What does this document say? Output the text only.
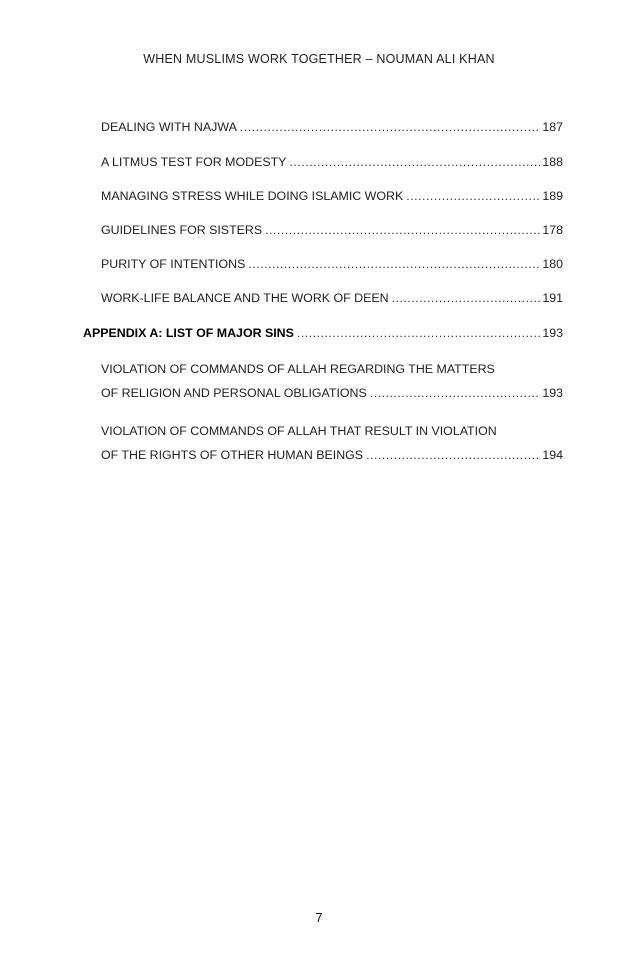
WHEN MUSLIMS WORK TOGETHER – NOUMAN ALI KHAN
DEALING WITH NAJWA .....	187
A LITMUS TEST FOR MODESTY .....	188
MANAGING STRESS WHILE DOING ISLAMIC WORK .....	189
GUIDELINES FOR SISTERS .....	178
PURITY OF INTENTIONS .....	180
WORK-LIFE BALANCE AND THE WORK OF DEEN .....	191
APPENDIX A: LIST OF MAJOR SINS .....	193
VIOLATION OF COMMANDS OF ALLAH REGARDING THE MATTERS
OF RELIGION AND PERSONAL OBLIGATIONS .....	193
VIOLATION OF COMMANDS OF ALLAH THAT RESULT IN VIOLATION
OF THE RIGHTS OF OTHER HUMAN BEINGS .....	194
7
